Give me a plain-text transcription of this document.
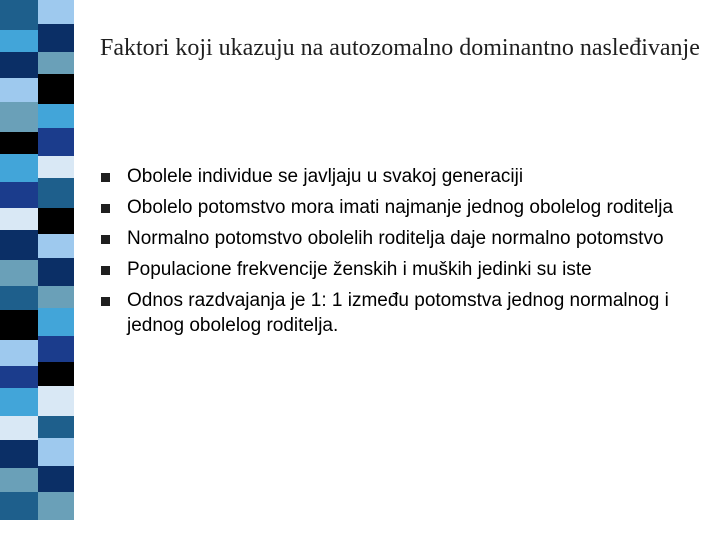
Faktori koji ukazuju na autozomalno dominantno nasleđivanje
Obolele individue se javljaju u svakoj generaciji
Obolelo potomstvo mora imati najmanje jednog obolelog roditelja
Normalno potomstvo obolelih roditelja daje normalno potomstvo
Populacione frekvencije ženskih i muških jedinki su iste
Odnos razdvajanja je 1: 1 između potomstva jednog normalnog i jednog obolelog roditelja.
